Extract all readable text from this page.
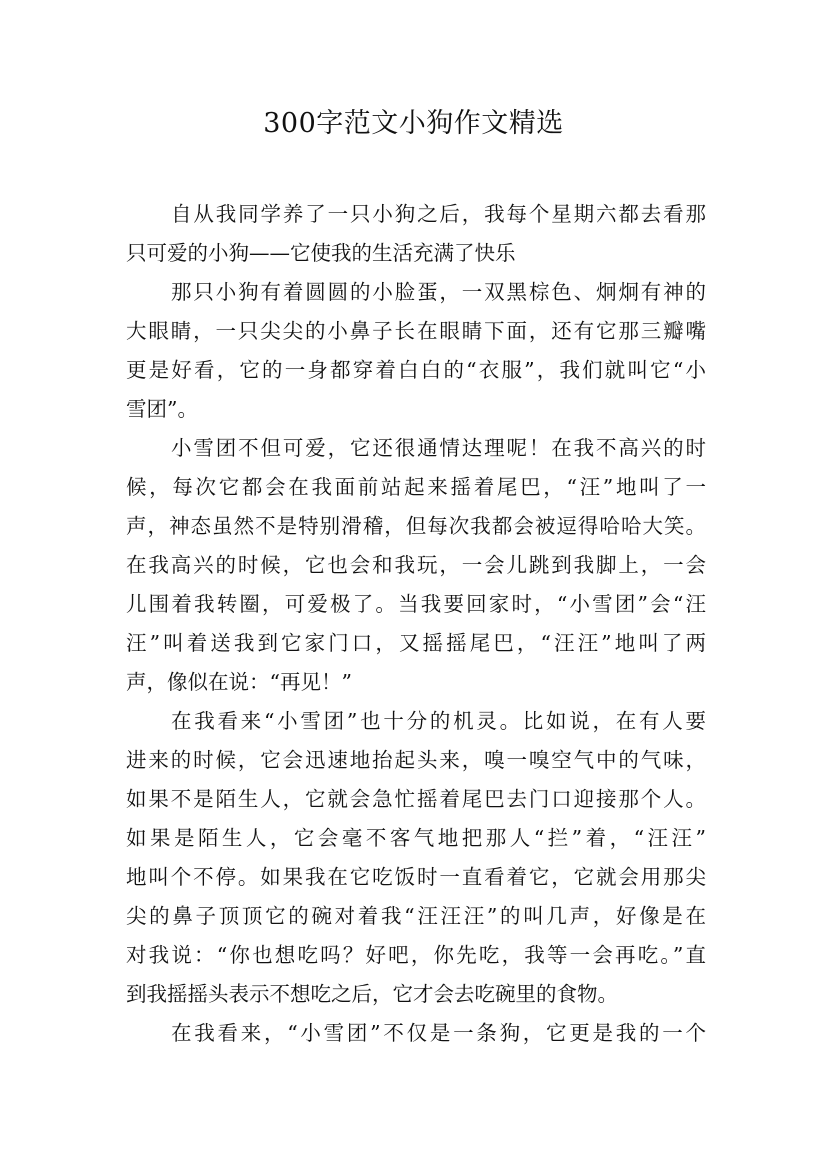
300字范文小狗作文精选

自从我同学养了一只小狗之后，我每个星期六都去看那

只可爱的小狗——它使我的生活充满了快乐

那只小狗有着圆圆的小脸蛋，一双黑棕色、炯炯有神的

大眼睛，一只尖尖的小鼻子长在眼睛下面，还有它那三瓣嘴

更是好看，它的一身都穿着白白的“衣服”，我们就叫它“小

雪团”。

小雪团不但可爱，它还很通情达理呢！在我不高兴的时

候，每次它都会在我面前站起来摇着尾巴，“汪”地叫了一

声，神态虽然不是特别滑稽，但每次我都会被逗得哈哈大笑。

在我高兴的时候，它也会和我玩，一会儿跳到我脚上，一会

儿围着我转圈，可爱极了。当我要回家时，“小雪团”会“汪

汪”叫着送我到它家门口，又摇摇尾巴，“汪汪”地叫了两

声，像似在说：“再见！”

在我看来“小雪团”也十分的机灵。比如说，在有人要

进来的时候，它会迅速地抬起头来，嗅一嗅空气中的气味，

如果不是陌生人，它就会急忙摇着尾巴去门口迎接那个人。

如果是陌生人，它会毫不客气地把那人“拦”着，“汪汪”

地叫个不停。如果我在它吃饭时一直看着它，它就会用那尖

尖的鼻子顶顶它的碗对着我“汪汪汪”的叫几声，好像是在

对我说：“你也想吃吗？好吧，你先吃，我等一会再吃。”直

到我摇摇头表示不想吃之后，它才会去吃碗里的食物。

在我看来，“小雪团”不仅是一条狗，它更是我的一个
